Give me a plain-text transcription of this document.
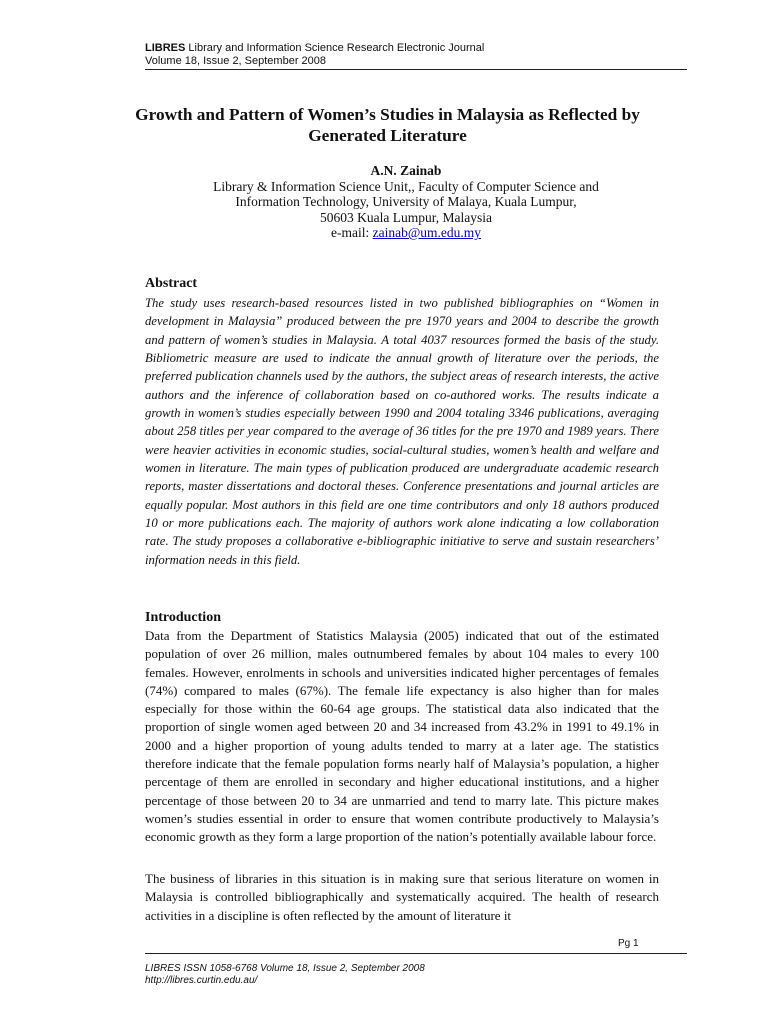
LIBRES Library and Information Science Research Electronic Journal
Volume 18, Issue 2, September 2008
Growth and Pattern of Women’s Studies in Malaysia as Reflected by Generated Literature
A.N. Zainab
Library & Information Science Unit,, Faculty of Computer Science and
Information Technology, University of Malaya, Kuala Lumpur,
50603 Kuala Lumpur, Malaysia
e-mail: zainab@um.edu.my
Abstract
The study uses research-based resources listed in two published bibliographies on “Women in development in Malaysia” produced between the pre 1970 years and 2004 to describe the growth and pattern of women’s studies in Malaysia. A total 4037 resources formed the basis of the study. Bibliometric measure are used to indicate the annual growth of literature over the periods, the preferred publication channels used by the authors, the subject areas of research interests, the active authors and the inference of collaboration based on co-authored works. The results indicate a growth in women’s studies especially between 1990 and 2004 totaling 3346 publications, averaging about 258 titles per year compared to the average of 36 titles for the pre 1970 and 1989 years. There were heavier activities in economic studies, social-cultural studies, women’s health and welfare and women in literature. The main types of publication produced are undergraduate academic research reports, master dissertations and doctoral theses. Conference presentations and journal articles are equally popular. Most authors in this field are one time contributors and only 18 authors produced 10 or more publications each. The majority of authors work alone indicating a low collaboration rate. The study proposes a collaborative e-bibliographic initiative to serve and sustain researchers’ information needs in this field.
Introduction
Data from the Department of Statistics Malaysia (2005) indicated that out of the estimated population of over 26 million, males outnumbered females by about 104 males to every 100 females. However, enrolments in schools and universities indicated higher percentages of females (74%) compared to males (67%). The female life expectancy is also higher than for males especially for those within the 60-64 age groups. The statistical data also indicated that the proportion of single women aged between 20 and 34 increased from 43.2% in 1991 to 49.1% in 2000 and a higher proportion of young adults tended to marry at a later age. The statistics therefore indicate that the female population forms nearly half of Malaysia’s population, a higher percentage of them are enrolled in secondary and higher educational institutions, and a higher percentage of those between 20 to 34 are unmarried and tend to marry late. This picture makes women’s studies essential in order to ensure that women contribute productively to Malaysia’s economic growth as they form a large proportion of the nation’s potentially available labour force.
The business of libraries in this situation is in making sure that serious literature on women in Malaysia is controlled bibliographically and systematically acquired. The health of research activities in a discipline is often reflected by the amount of literature it
Pg 1
LIBRES ISSN 1058-6768 Volume 18, Issue 2, September 2008
http://libres.curtin.edu.au/
